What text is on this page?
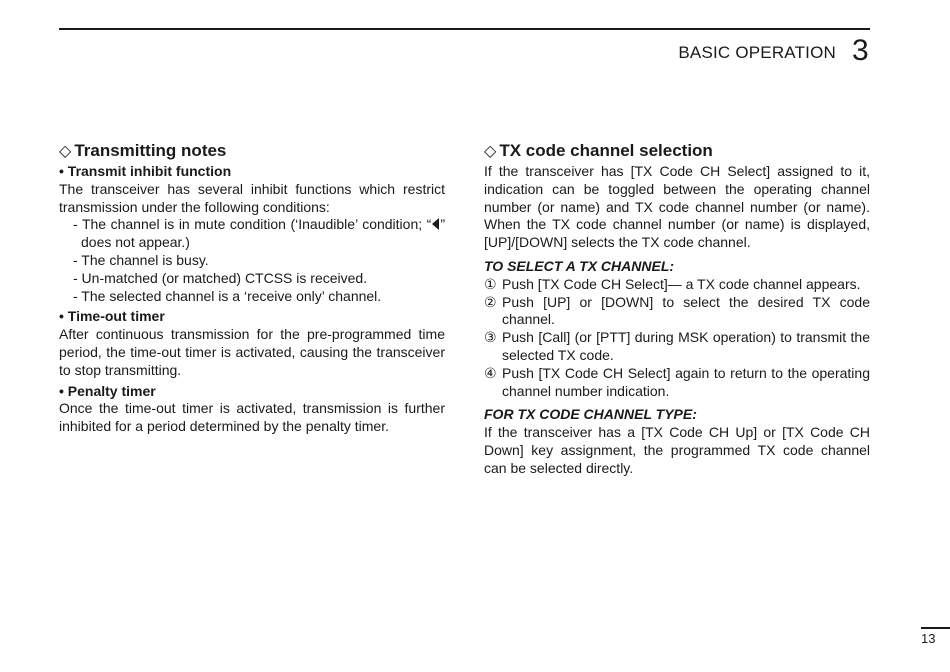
BASIC OPERATION 3
◇ Transmitting notes

• Transmit inhibit function

The transceiver has several inhibit functions which restrict transmission under the following conditions:

- The channel is in mute condition (‘Inaudible’ condition; “ ” does not appear.)

- The channel is busy.

- Un-matched (or matched) CTCSS is received.

- The selected channel is a ‘receive only’ channel.

• Time-out timer

After continuous transmission for the pre-programmed time period, the time-out timer is activated, causing the transceiver to stop transmitting.

• Penalty timer

Once the time-out timer is activated, transmission is further inhibited for a period determined by the penalty timer.

◇ TX code channel selection

If the transceiver has [TX Code CH Select] assigned to it, indication can be toggled between the operating channel number (or name) and TX code channel number (or name). When the TX code channel number (or name) is displayed, [UP]/[DOWN] selects the TX code channel.

TO SELECT A TX CHANNEL:

① Push [TX Code CH Select]— a TX code channel appears.
② Push [UP] or [DOWN] to select the desired TX code channel.
③ Push [Call] (or [PTT] during MSK operation) to transmit the selected TX code.
④ Push [TX Code CH Select] again to return to the operating channel number indication.

FOR TX CODE CHANNEL TYPE:

If the transceiver has a [TX Code CH Up] or [TX Code CH Down] key assignment, the programmed TX code channel can be selected directly.

13
